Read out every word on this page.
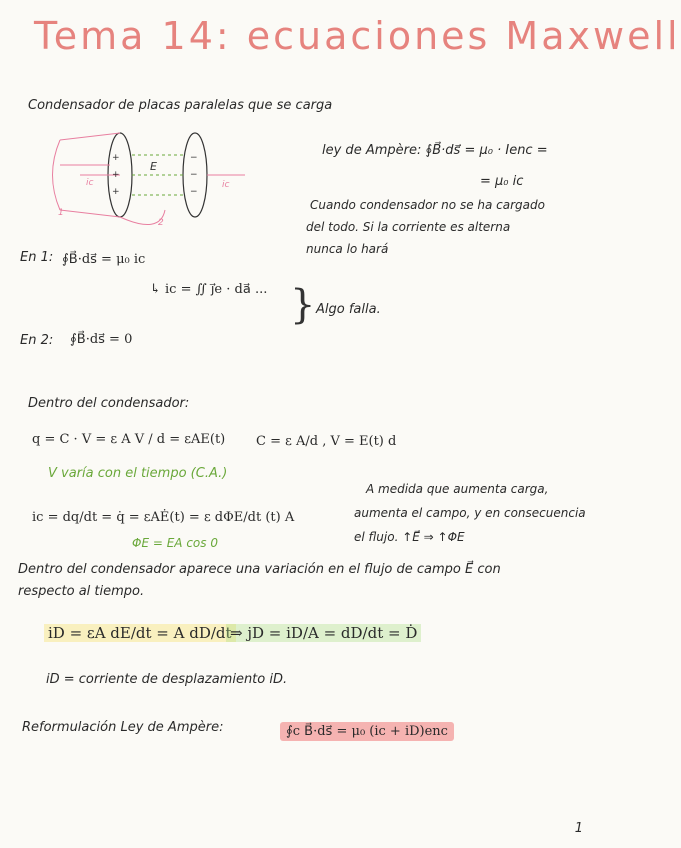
Tema 14: ecuaciones Maxwell
Condensador de placas paralelas que se carga
+
+
+
−
−
−
E
ic	ic
1
2
ley de Ampère: ∮B⃗·ds⃗ = μ₀ · Ienc =
= μ₀ ic
Cuando condensador no se ha cargado
del todo. Si la corriente es alterna
nunca lo hará
En 1: ∮B⃗·ds⃗ = μ₀ ic
↳ ic = ∬ j⃗e · da⃗ ... } Algo falla.
En 2: ∮B⃗·ds⃗ = 0
Dentro del condensador:
q = C · V = ε A V / d = εAE(t) C = ε A/d , V = E(t) d
V varía con el tiempo (C.A.)
ic = dq/dt = q̇ = εAĖ(t) = ε dΦE/dt (t) A
ΦE = EA cos 0
A medida que aumenta carga,
aumenta el campo, y en consecuencia
el flujo. ↑E⃗ ⇒ ↑ΦE
Dentro del condensador aparece una variación en el flujo de campo E⃗ con
respecto al tiempo.
iD = εA dE/dt = A dD/dt
⇒ jD = iD/A = dD/dt = Ḋ
iD = corriente de desplazamiento iD.
Reformulación Ley de Ampère:	∮c B⃗·ds⃗ = μ₀ (ic + iD)enc
1
